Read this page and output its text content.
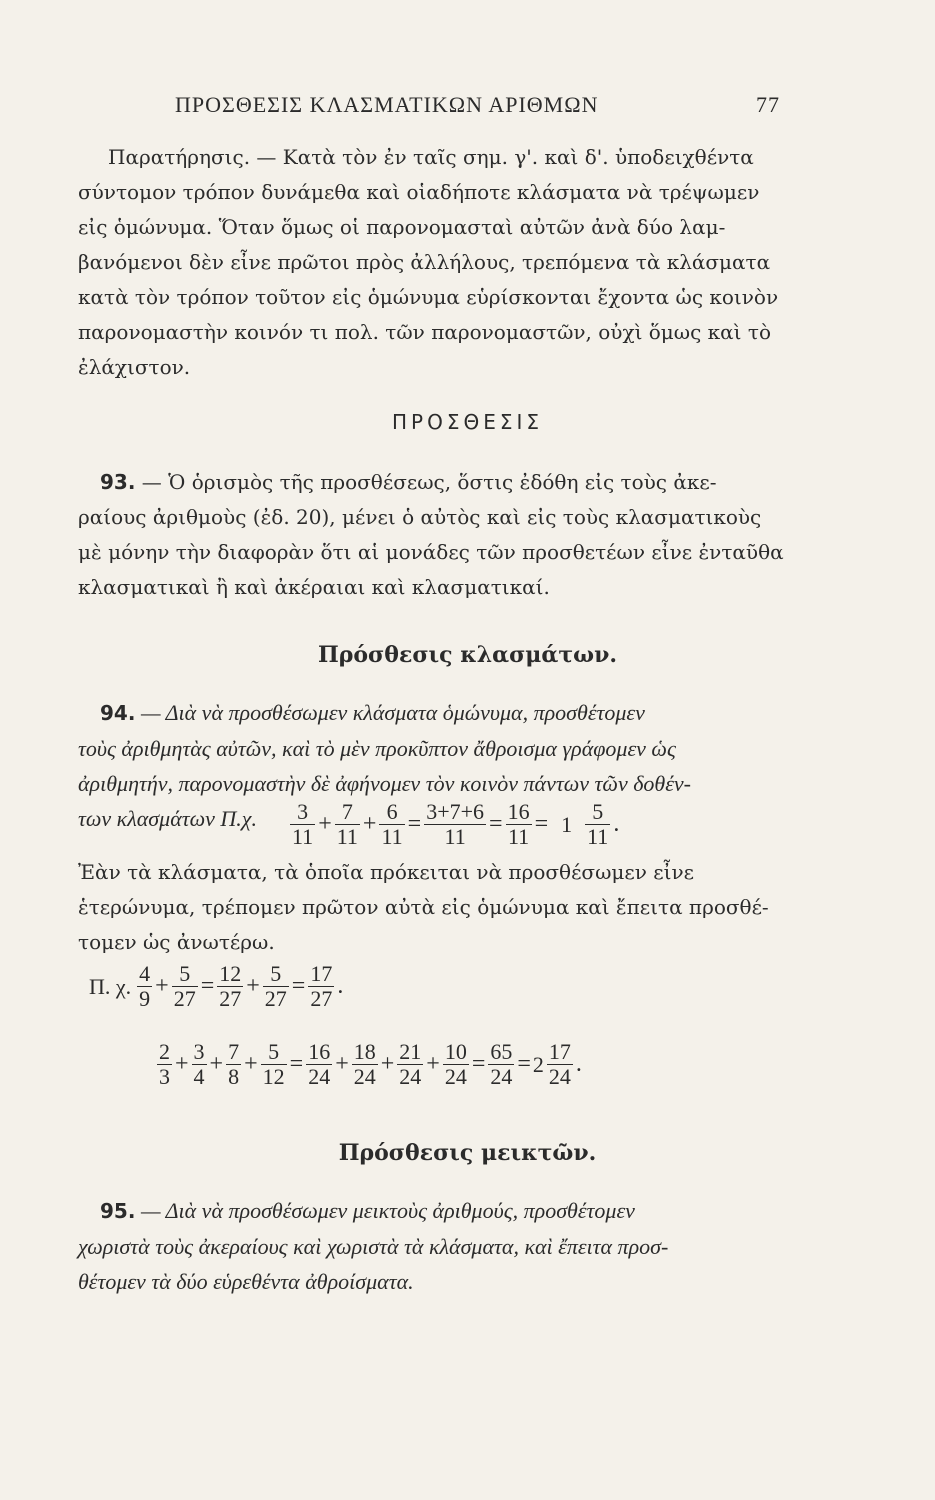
ΠΡΟΣΘΕΣΙΣ ΚΛΑΣΜΑΤΙΚΩΝ ΑΡΙΘΜΩΝ	77
Παρατήρησις. — Κατὰ τὸν ἐν ταῖς σημ. γ'. καὶ δ'. ὑποδειχθέντα
σύντομον τρόπον δυνάμεθα καὶ οἱαδήποτε κλάσματα νὰ τρέψωμεν
εἰς ὁμώνυμα. Ὅταν ὅμως οἱ παρονομασταὶ αὐτῶν ἀνὰ δύο λαμ-
βανόμενοι δὲν εἶνε πρῶτοι πρὸς ἀλλήλους, τρεπόμενα τὰ κλάσματα
κατὰ τὸν τρόπον τοῦτον εἰς ὁμώνυμα εὑρίσκονται ἔχοντα ὡς κοινὸν
παρονομαστὴν κοινόν τι πολ. τῶν παρονομαστῶν, οὐχὶ ὅμως καὶ τὸ
ἐλάχιστον.
ΠΡΟΣΘΕΣΙΣ
93. — Ὁ ὁρισμὸς τῆς προσθέσεως, ὅστις ἐδόθη εἰς τοὺς ἀκε-
ραίους ἀριθμοὺς (ἐδ. 20), μένει ὁ αὐτὸς καὶ εἰς τοὺς κλασματικοὺς
μὲ μόνην τὴν διαφορὰν ὅτι αἱ μονάδες τῶν προσθετέων εἶνε ἐνταῦθα
κλασματικαὶ ἢ καὶ ἀκέραιαι καὶ κλασματικαί.
Πρόσθεσις κλασμάτων.
94. — Διὰ νὰ προσθέσωμεν κλάσματα ὁμώνυμα, προσθέτομεν
τοὺς ἀριθμητὰς αὐτῶν, καὶ τὸ μὲν προκῦπτον ἄθροισμα γράφομεν ὡς
ἀριθμητήν, παρονομαστὴν δὲ ἀφήνομεν τὸν κοινὸν πάντων τῶν δοθέν-
των κλασμάτων Π.χ.	$\frac{3}{11} + \frac{7}{11} + \frac{6}{11} = \frac{3+7+6}{11} = \frac{16}{11} = 1 \frac{5}{11}$ .
Ἐὰν τὰ κλάσματα, τὰ ὁποῖα πρόκειται νὰ προσθέσωμεν εἶνε
ἑτερώνυμα, τρέπομεν πρῶτον αὐτὰ εἰς ὁμώνυμα καὶ ἔπειτα προσθέ-
τομεν ὡς ἀνωτέρω.
Π. χ. $\frac{4}{9} + \frac{5}{27} = \frac{12}{27} + \frac{5}{27} = \frac{17}{27}$ .
$\frac{2}{3} + \frac{3}{4} + \frac{7}{8} + \frac{5}{12} = \frac{16}{24} + \frac{18}{24} + \frac{21}{24} + \frac{10}{24} = \frac{65}{24} =2 \frac{17}{24}$ .
Πρόσθεσις μεικτῶν.
95. — Διὰ νὰ προσθέσωμεν μεικτοὺς ἀριθμούς, προσθέτομεν
χωριστὰ τοὺς ἀκεραίους καὶ χωριστὰ τὰ κλάσματα, καὶ ἔπειτα προσ-
θέτομεν τὰ δύο εὑρεθέντα ἀθροίσματα.
